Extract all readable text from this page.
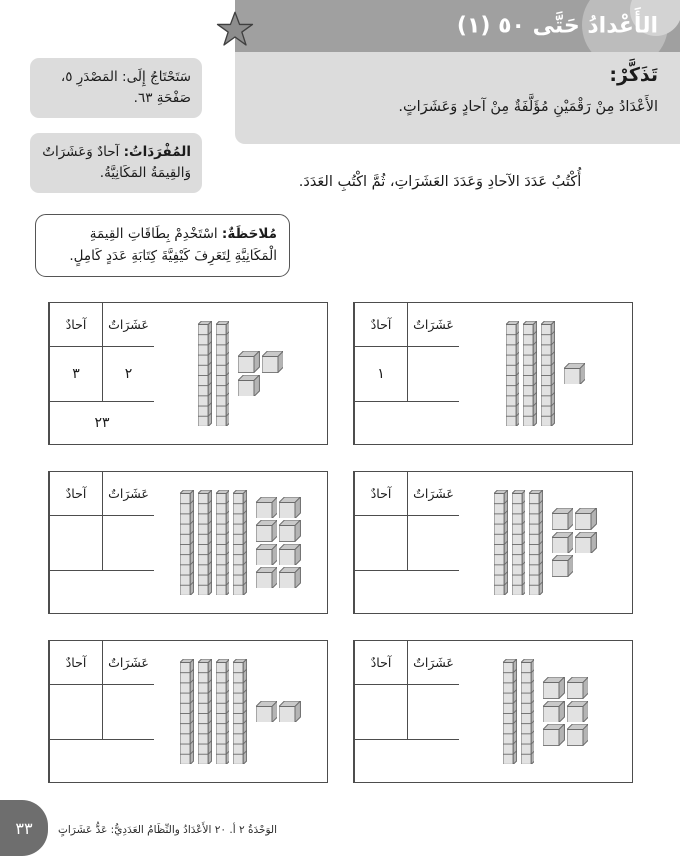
الأَعْدادُ حَتَّى ٥٠ (١)
تَذَكَّرْ:
الأَعْدَادُ مِنْ رَقْمَيْنِ مُؤَلَّفَةٌ مِنْ آحادٍ وَعَشَرَاتٍ.
أُكْتُبُ عَدَدَ الآحادِ وَعَدَدَ العَشَرَاتِ، ثُمَّ اكْتُبِ العَدَدَ.
سَتَحْتَاجُ إِلَى: المَصْدَرِ ٥، صَفْحَةِ ٦٣.
المُفْرَدَاتُ: آحادٌ وَعَشَرَاتٌ وَالقِيمَةُ المَكَانِيَّةُ.
مُلاحَظَةٌ: اسْتَخْدِمْ بِطَاقَاتِ القِيمَةِ الْمَكَانِيَّةِ لِتَعَرِفَ كَيْفِيَّةَ كِتَابَةِ عَدَدٍ كَامِلٍ.
عَشَرَاتٌ
آحادٌ
١
عَشَرَاتٌ
آحادٌ
٢
٣
٢٣
عَشَرَاتٌ
آحادٌ
عَشَرَاتٌ
آحادٌ
عَشَرَاتٌ
آحادٌ
عَشَرَاتٌ
آحادٌ
٣٣ الوَحْدَةُ ٢ أ. ٢٠ الأَعْدَادُ والنِّظَامُ العَدَدِيُّ: عَدُّ عَشَرَاتٍ
